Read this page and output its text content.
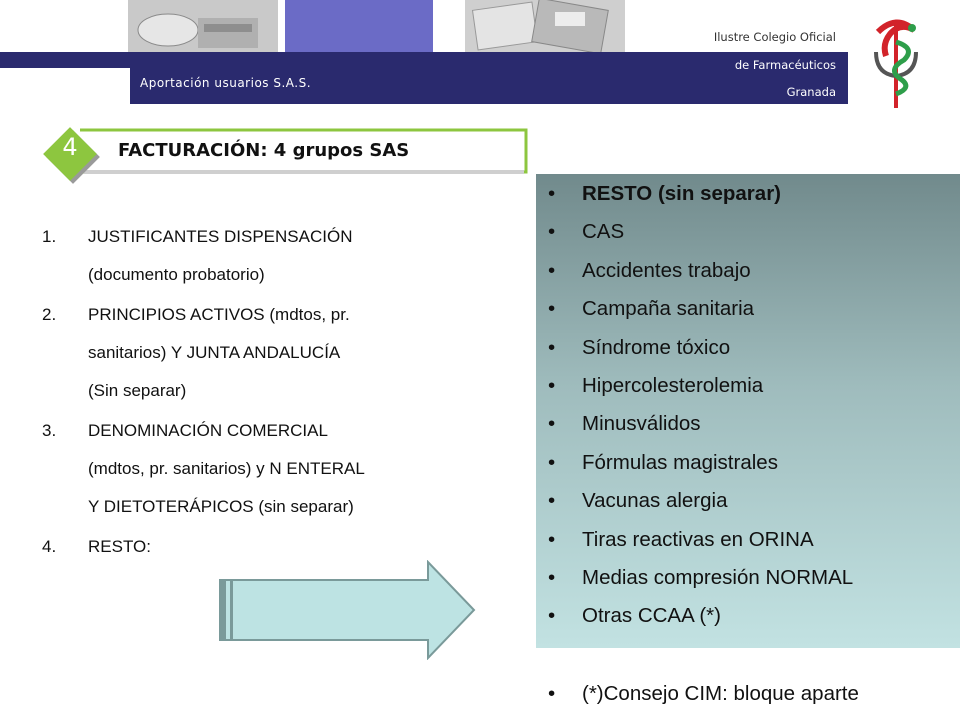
Aportación usuarios S.A.S.
Ilustre Colegio Oficial
de Farmacéuticos
Granada
4	FACTURACIÓN: 4 grupos SAS
1.	JUSTIFICANTES DISPENSACIÓN
(documento probatorio)
2.	PRINCIPIOS ACTIVOS (mdtos, pr.
sanitarios) Y JUNTA ANDALUCÍA
(Sin separar)
3.	DENOMINACIÓN COMERCIAL
(mdtos, pr. sanitarios) y N ENTERAL
Y DIETOTERÁPICOS (sin separar)
4.	RESTO:
•	RESTO (sin separar)
•	CAS
•	Accidentes trabajo
•	Campaña sanitaria
•	Síndrome tóxico
•	Hipercolesterolemia
•	Minusválidos
•	Fórmulas magistrales
•	Vacunas alergia
•	Tiras reactivas en ORINA
•	Medias compresión NORMAL
•	Otras CCAA (*)
•	(*)Consejo CIM: bloque aparte
